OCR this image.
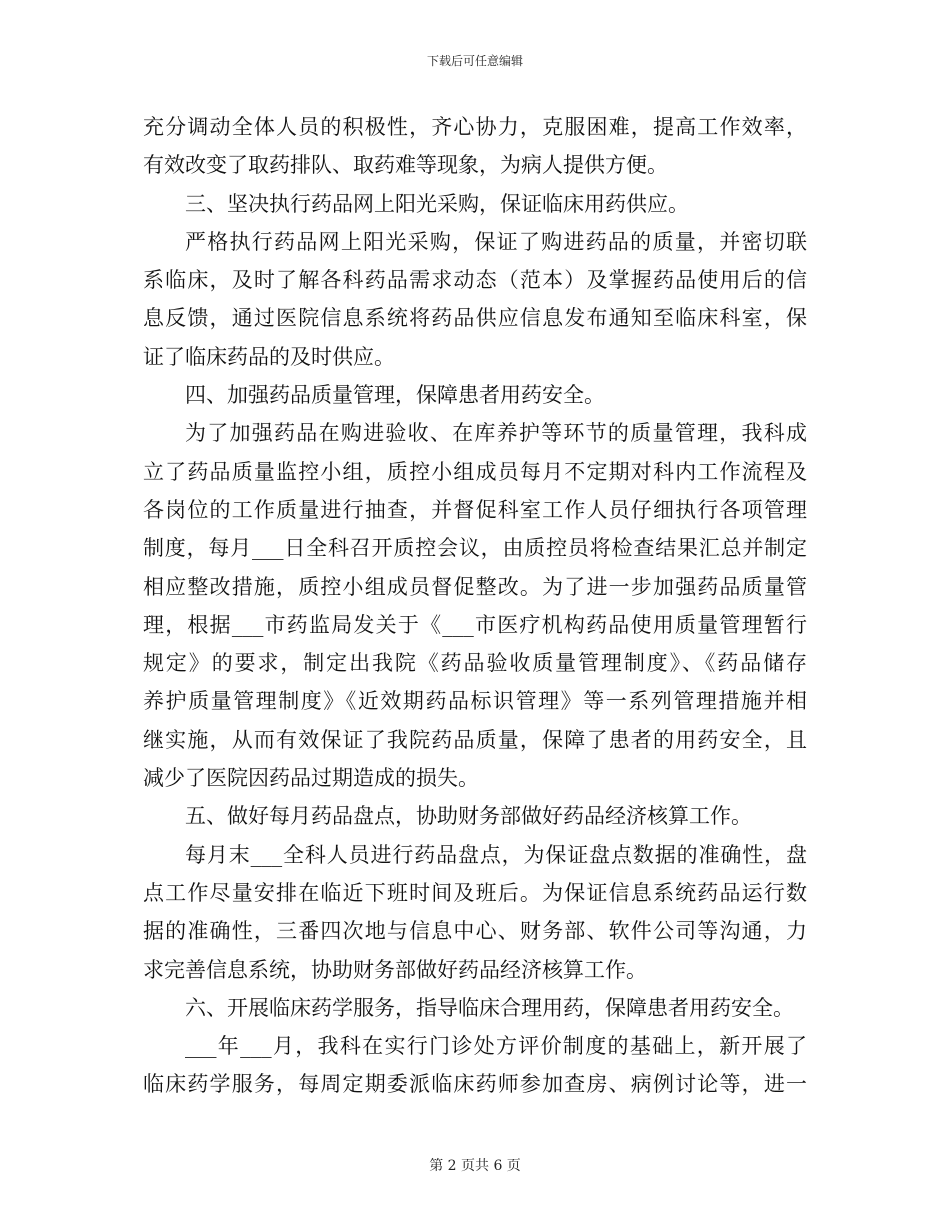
下载后可任意编辑
充分调动全体人员的积极性，齐心协力，克服困难，提高工作效率，
有效改变了取药排队、取药难等现象，为病人提供方便。
三、坚决执行药品网上阳光采购，保证临床用药供应。
严格执行药品网上阳光采购，保证了购进药品的质量，并密切联
系临床，及时了解各科药品需求动态（范本）及掌握药品使用后的信
息反馈，通过医院信息系统将药品供应信息发布通知至临床科室，保
证了临床药品的及时供应。
四、加强药品质量管理，保障患者用药安全。
为了加强药品在购进验收、在库养护等环节的质量管理，我科成
立了药品质量监控小组，质控小组成员每月不定期对科内工作流程及
各岗位的工作质量进行抽查，并督促科室工作人员仔细执行各项管理
制度，每月___日全科召开质控会议，由质控员将检查结果汇总并制定
相应整改措施，质控小组成员督促整改。为了进一步加强药品质量管
理，根据___市药监局发关于《___市医疗机构药品使用质量管理暂行
规定》的要求，制定出我院《药品验收质量管理制度》、《药品储存
养护质量管理制度》《近效期药品标识管理》等一系列管理措施并相
继实施，从而有效保证了我院药品质量，保障了患者的用药安全，且
减少了医院因药品过期造成的损失。
五、做好每月药品盘点，协助财务部做好药品经济核算工作。
每月末___全科人员进行药品盘点，为保证盘点数据的准确性，盘
点工作尽量安排在临近下班时间及班后。为保证信息系统药品运行数
据的准确性，三番四次地与信息中心、财务部、软件公司等沟通，力
求完善信息系统，协助财务部做好药品经济核算工作。
六、开展临床药学服务，指导临床合理用药，保障患者用药安全。
___年___月，我科在实行门诊处方评价制度的基础上，新开展了
临床药学服务，每周定期委派临床药师参加查房、病例讨论等，进一
第 2 页共 6 页
